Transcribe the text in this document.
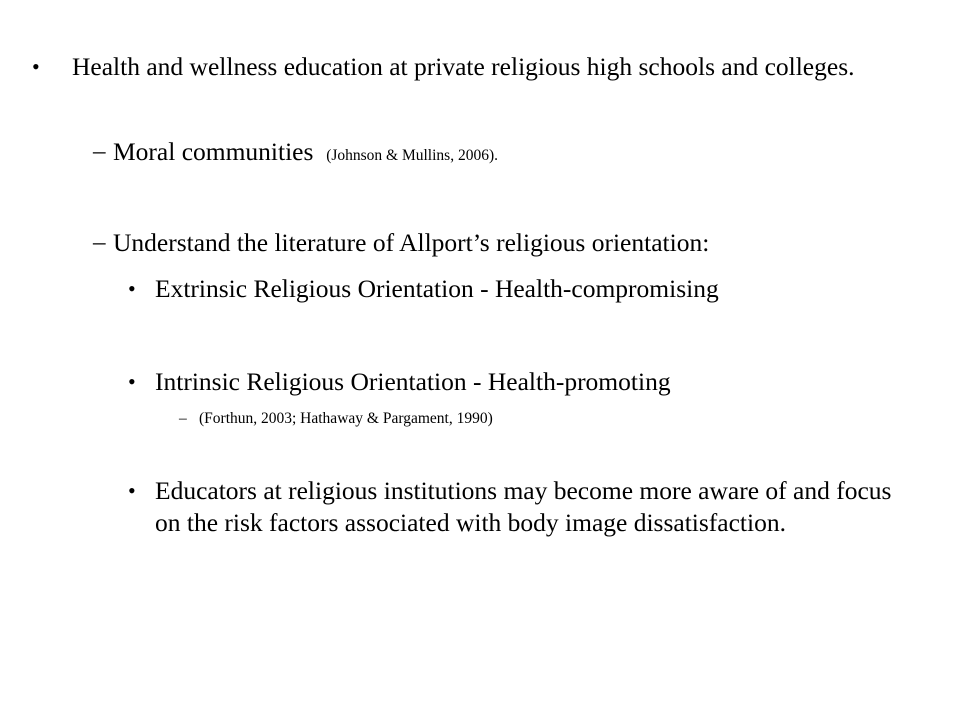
• Health and wellness education at private religious high schools and colleges.
– Moral communities (Johnson & Mullins, 2006).
– Understand the literature of Allport’s religious orientation:
• Extrinsic Religious Orientation - Health-compromising
• Intrinsic Religious Orientation - Health-promoting
– (Forthun, 2003; Hathaway & Pargament, 1990)
• Educators at religious institutions may become more aware of and focus on the risk factors associated with body image dissatisfaction.
